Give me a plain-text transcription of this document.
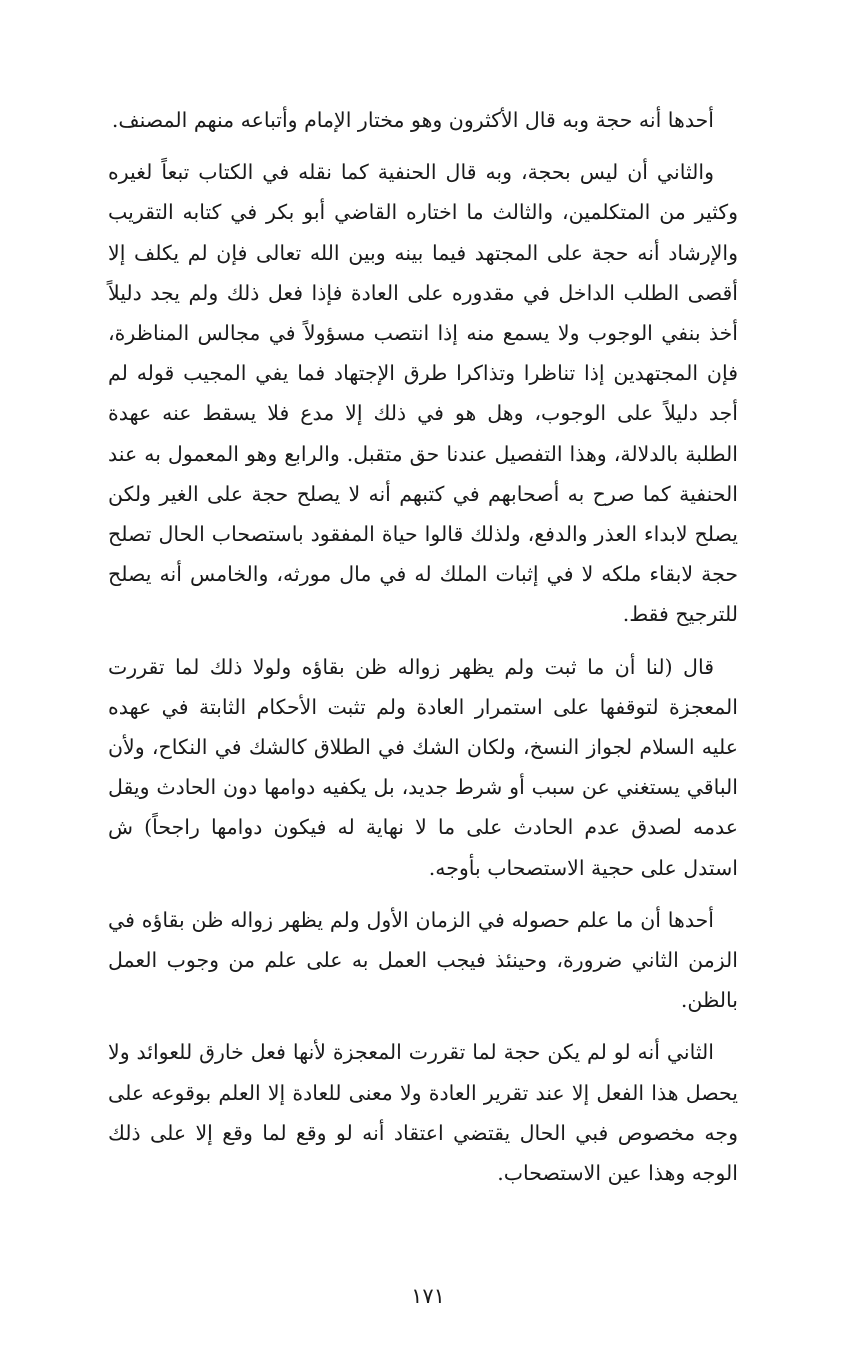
أحدها أنه حجة وبه قال الأكثرون وهو مختار الإمام وأتباعه منهم المصنف.

والثاني أن ليس بحجة، وبه قال الحنفية كما نقله في الكتاب تبعاً لغيره وكثير من المتكلمين، والثالث ما اختاره القاضي أبو بكر في كتابه التقريب والإرشاد أنه حجة على المجتهد فيما بينه وبين الله تعالى فإن لم يكلف إلا أقصى الطلب الداخل في مقدوره على العادة فإذا فعل ذلك ولم يجد دليلاً أخذ بنفي الوجوب ولا يسمع منه إذا انتصب مسؤولاً في مجالس المناظرة، فإن المجتهدين إذا تناظرا وتذاكرا طرق الإجتهاد فما يفي المجيب قوله لم أجد دليلاً على الوجوب، وهل هو في ذلك إلا مدع فلا يسقط عنه عهدة الطلبة بالدلالة، وهذا التفصيل عندنا حق متقبل. والرابع وهو المعمول به عند الحنفية كما صرح به أصحابهم في كتبهم أنه لا يصلح حجة على الغير ولكن يصلح لابداء العذر والدفع، ولذلك قالوا حياة المفقود باستصحاب الحال تصلح حجة لابقاء ملكه لا في إثبات الملك له في مال مورثه، والخامس أنه يصلح للترجيح فقط.

قال (لنا أن ما ثبت ولم يظهر زواله ظن بقاؤه ولولا ذلك لما تقررت المعجزة لتوقفها على استمرار العادة ولم تثبت الأحكام الثابتة في عهده عليه السلام لجواز النسخ، ولكان الشك في الطلاق كالشك في النكاح، ولأن الباقي يستغني عن سبب أو شرط جديد، بل يكفيه دوامها دون الحادث ويقل عدمه لصدق عدم الحادث على ما لا نهاية له فيكون دوامها راجحاً) ش استدل على حجية الاستصحاب بأوجه.

أحدها أن ما علم حصوله في الزمان الأول ولم يظهر زواله ظن بقاؤه في الزمن الثاني ضرورة، وحينئذ فيجب العمل به على علم من وجوب العمل بالظن.

الثاني أنه لو لم يكن حجة لما تقررت المعجزة لأنها فعل خارق للعوائد ولا يحصل هذا الفعل إلا عند تقرير العادة ولا معنى للعادة إلا العلم بوقوعه على وجه مخصوص فبي الحال يقتضي اعتقاد أنه لو وقع لما وقع إلا على ذلك الوجه وهذا عين الاستصحاب.

١٧١
